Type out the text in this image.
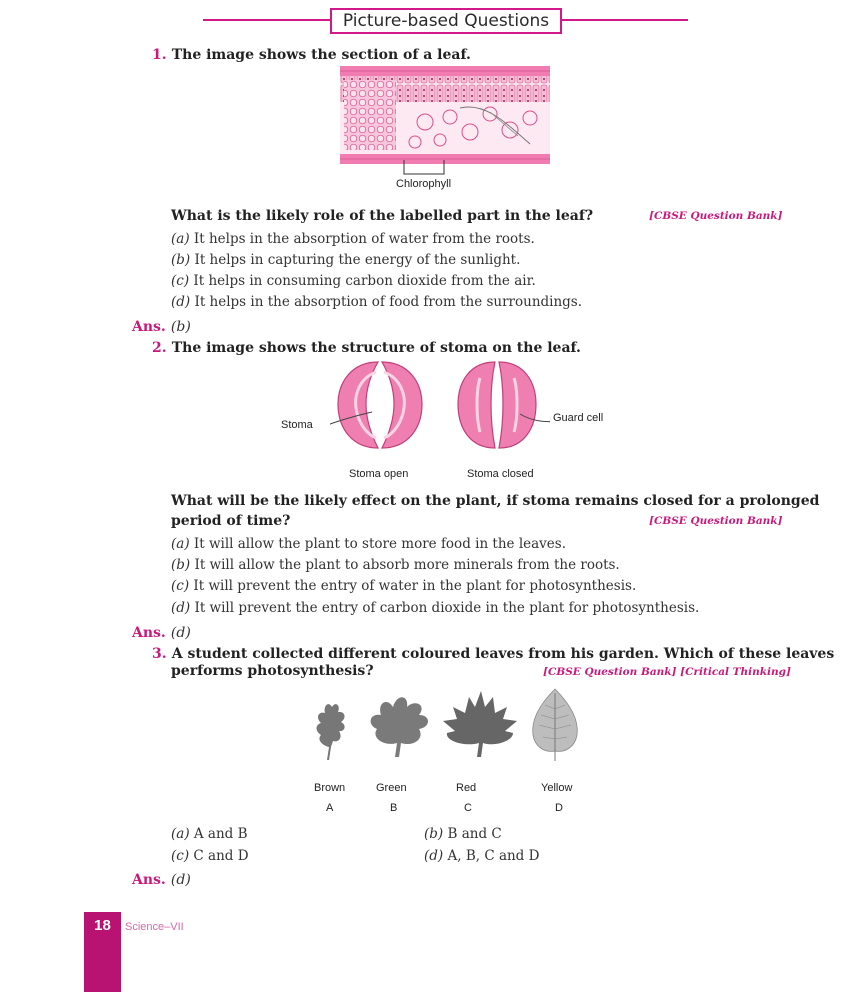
Picture-based Questions
1. The image shows the section of a leaf.
Chlorophyll
What is the likely role of the labelled part in the leaf?	[CBSE Question Bank]
(a) It helps in the absorption of water from the roots.
(b) It helps in capturing the energy of the sunlight.
(c) It helps in consuming carbon dioxide from the air.
(d) It helps in the absorption of food from the surroundings.
Ans. (b)
2. The image shows the structure of stoma on the leaf.
Stoma
Guard cell
Stoma open	Stoma closed
What will be the likely effect on the plant, if stoma remains closed for a prolonged
period of time?	[CBSE Question Bank]
(a) It will allow the plant to store more food in the leaves.
(b) It will allow the plant to absorb more minerals from the roots.
(c) It will prevent the entry of water in the plant for photosynthesis.
(d) It will prevent the entry of carbon dioxide in the plant for photosynthesis.
Ans. (d)
3. A student collected different coloured leaves from his garden. Which of these leaves
performs photosynthesis?	[CBSE Question Bank] [Critical Thinking]
Brown	Green	Red	Yellow
A	B	C	D
(a) A and B	(b) B and C
(c) C and D	(d) A, B, C and D
Ans. (d)
18	Science–VII
